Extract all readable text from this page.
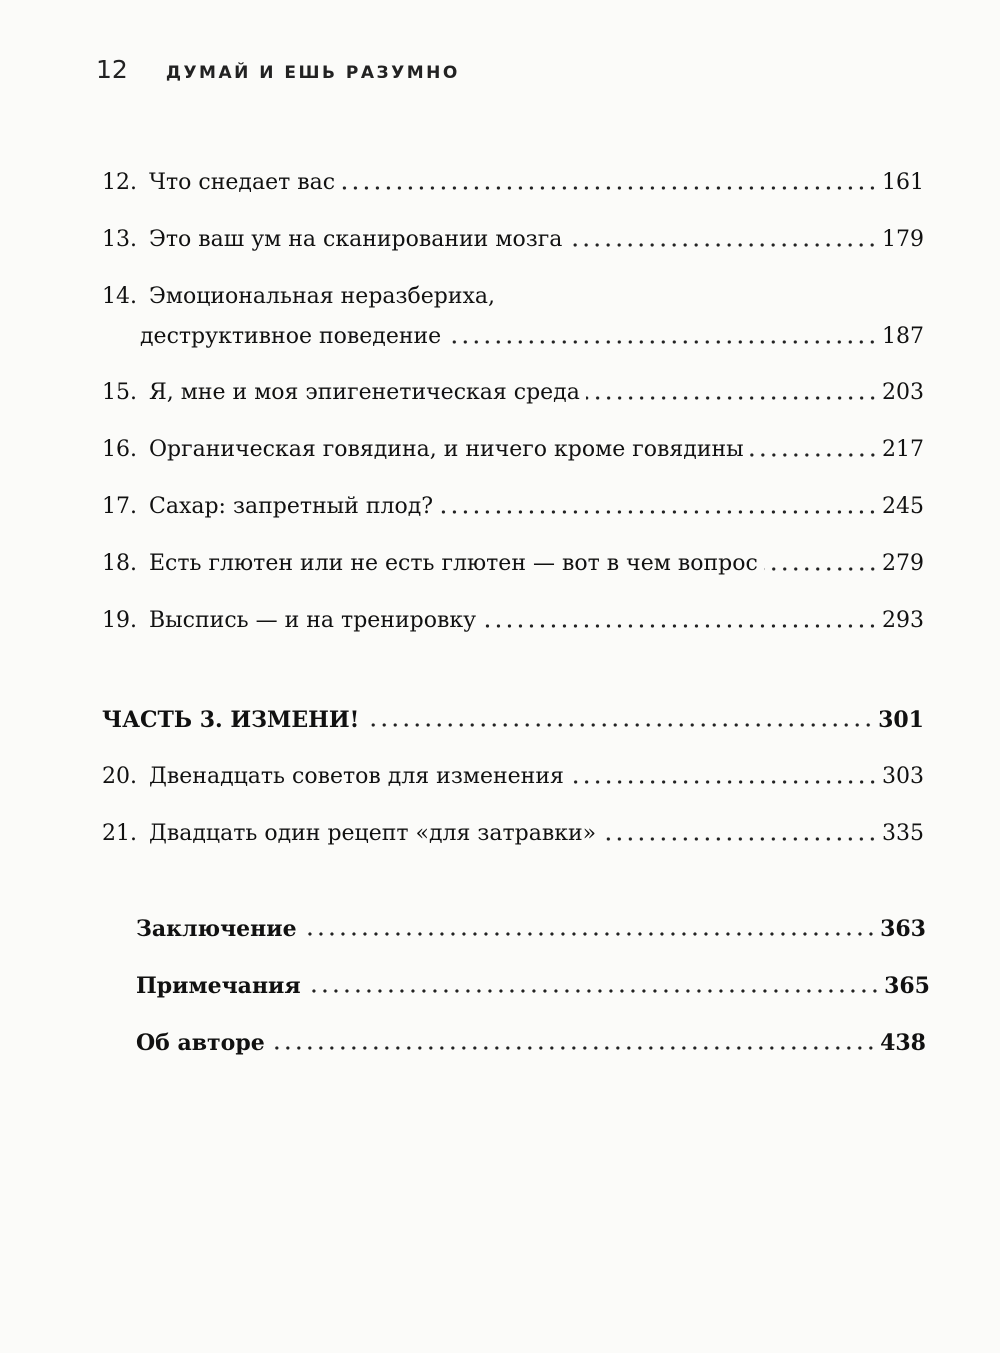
12 ДУМАЙ И ЕШЬ РАЗУМНО
12. Что снедает вас	161
13. Это ваш ум на сканировании мозга	179
14. Эмоциональная неразбериха,
деструктивное поведение	187
15. Я, мне и моя эпигенетическая среда	203
16. Органическая говядина, и ничего кроме говядины	217
17. Сахар: запретный плод?	245
18. Есть глютен или не есть глютен — вот в чем вопрос	279
19. Выспись — и на тренировку	293
ЧАСТЬ 3. ИЗМЕНИ!	301
20. Двенадцать советов для изменения	303
21. Двадцать один рецепт «для затравки»	335
Заключение	363
Примечания	365
Об авторе	438
